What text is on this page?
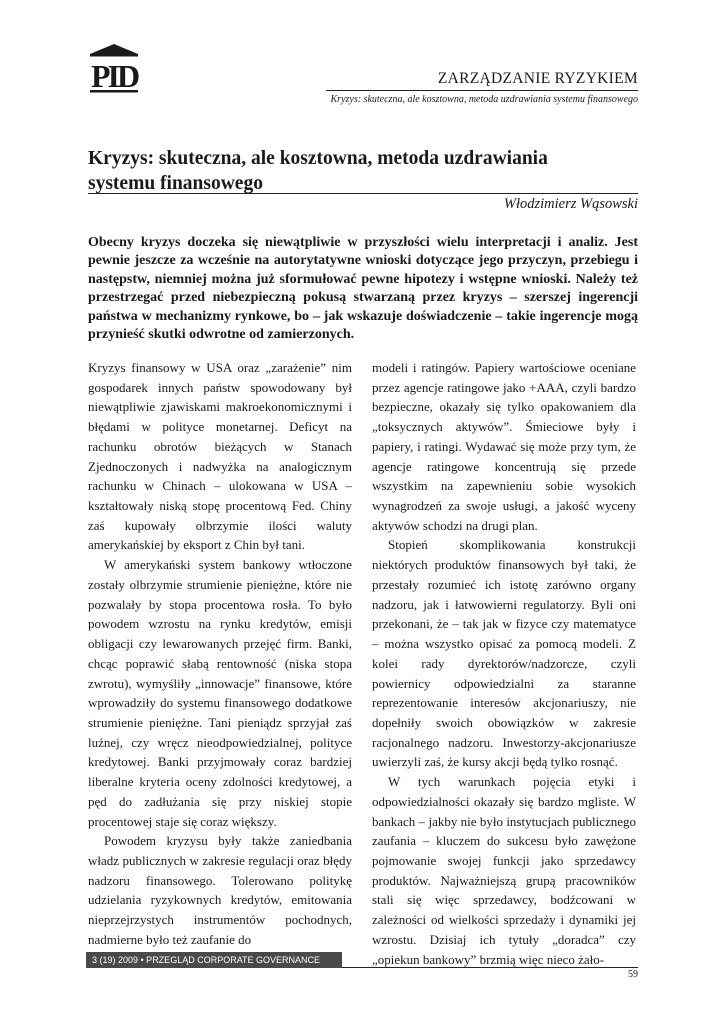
PID	ZARZĄDZANIE RYZYKIEM
Kryzys: skuteczna, ale kosztowna, metoda uzdrawiania systemu finansowego
Kryzys: skuteczna, ale kosztowna, metoda uzdrawiania systemu finansowego
Włodzimierz Wąsowski

Obecny kryzys doczeka się niewątpliwie w przyszłości wielu interpretacji i analiz. Jest pewnie jeszcze za wcześnie na autorytatywne wnioski dotyczące jego przyczyn, przebiegu i następstw, niemniej można już sformułować pewne hipotezy i wstępne wnioski. Należy też przestrzegać przed niebezpieczną pokusą stwarzaną przez kryzys – szerszej ingerencji państwa w mechanizmy rynkowe, bo – jak wskazuje doświadczenie – takie ingerencje mogą przynieść skutki odwrotne od zamierzonych.

Kryzys finansowy w USA oraz „zarażenie” nim gospodarek innych państw spowodowany był niewątpliwie zjawiskami makroekonomicznymi i błędami w polityce monetarnej. Deficyt na rachunku obrotów bieżących w Stanach Zjednoczonych i nadwyżka na analogicznym rachunku w Chinach – ulokowana w USA – kształtowały niską stopę procentową Fed. Chiny zaś kupowały olbrzymie ilości waluty amerykańskiej by eksport z Chin był tani.

W amerykański system bankowy wtłoczone zostały olbrzymie strumienie pieniężne, które nie pozwalały by stopa procentowa rosła. To było powodem wzrostu na rynku kredytów, emisji obligacji czy lewarowanych przejęć firm. Banki, chcąc poprawić słabą rentowność (niska stopa zwrotu), wymyśliły „innowacje” finansowe, które wprowadziły do systemu finansowego dodatkowe strumienie pieniężne. Tani pieniądz sprzyjał zaś luźnej, czy wręcz nieodpowiedzialnej, polityce kredytowej. Banki przyjmowały coraz bardziej liberalne kryteria oceny zdolności kredytowej, a pęd do zadłużania się przy niskiej stopie procentowej staje się coraz większy.

Powodem kryzysu były także zaniedbania władz publicznych w zakresie regulacji oraz błędy nadzoru finansowego. Tolerowano politykę udzielania ryzykownych kredytów, emitowania nieprzejrzystych instrumentów pochodnych, nadmierne było też zaufanie do

modeli i ratingów. Papiery wartościowe oceniane przez agencje ratingowe jako +AAA, czyli bardzo bezpieczne, okazały się tylko opakowaniem dla „toksycznych aktywów”. Śmieciowe były i papiery, i ratingi. Wydawać się może przy tym, że agencje ratingowe koncentrują się przede wszystkim na zapewnieniu sobie wysokich wynagrodzeń za swoje usługi, a jakość wyceny aktywów schodzi na drugi plan.

Stopień skomplikowania konstrukcji niektórych produktów finansowych był taki, że przestały rozumieć ich istotę zarówno organy nadzoru, jak i łatwowierni regulatorzy. Byli oni przekonani, że – tak jak w fizyce czy matematyce – można wszystko opisać za pomocą modeli. Z kolei rady dyrektorów/nadzorcze, czyli powiernicy odpowiedzialni za staranne reprezentowanie interesów akcjonariuszy, nie dopełniły swoich obowiązków w zakresie racjonalnego nadzoru. Inwestorzy-akcjonariusze uwierzyli zaś, że kursy akcji będą tylko rosnąć.

W tych warunkach pojęcia etyki i odpowiedzialności okazały się bardzo mgliste. W bankach – jakby nie było instytucjach publicznego zaufania – kluczem do sukcesu było zawężone pojmowanie swojej funkcji jako sprzedawcy produktów. Najważniejszą grupą pracowników stali się więc sprzedawcy, bodźcowani w zależności od wielkości sprzedaży i dynamiki jej wzrostu. Dzisiaj ich tytuły „doradca” czy „opiekun bankowy” brzmią więc nieco żało-

3 (19) 2009 • PRZEGLĄD CORPORATE GOVERNANCE
59
